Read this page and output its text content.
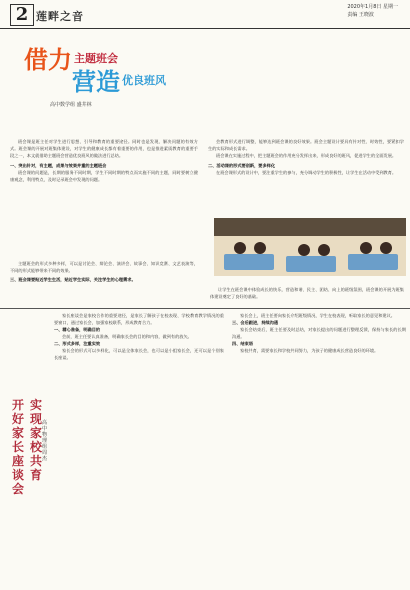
2 莲畔之音
2020年1月8日 星期一
责编 王晓波
借力 主题班会
营造 优良班风
高中数学组 盛井林

班会课是班主任对学生进行思想、引导和教育的重要途径。同时也是发现、解决问题的有效方式。班会课的开展对班集体建设，对学生的健康成长都有着重要的作用，也是推进素质教育的重要手段之一，本文就借助主题班会营造优良班风的做法进行总结。

一、突出针对，有主题，成果与效果并重的主题班会

班会课的问题是，长期的服务不同时期，学生不同时期的特点而实施不同的主题，同时要树立健康观念，利用特点，及时记录班会中发现的问题。

会教育形式进行调整，能够达到班会课的良好效果。班会主题设计要具有针对性、时效性，要紧扣学生的实际和成长需求。

班会课在实施过程中，把主题班会的作用充分发挥出来，形成良好的班风，促进学生的全面发展。

二、活动课的形式要创新，要多样化

在班会课形式的设计中，要注重学生的参与，充分调动学生的积极性，让学生在活动中受到教育。

主题班会的形式多种多样，可以是讨论会、辩论会、演讲会、故事会、知识竞赛、文艺表演等，不同的形式能够带来不同的效果。

三、班会课要贴近学生生活，贴近学生实际，关注学生的心理需求。

让学生在班会课中体验成长的快乐，营造和谐、民主、团结、向上的班级氛围，班会课的开展为班集体建设奠定了良好的基础。

开
好
家
长
座
谈
会
实
现
家
校
共
育
高中物理组 周杰

家长座谈会是家校合作的重要途径，是家长了解孩子在校表现、学校教育教学情况的重要窗口，通过家长会，加强家校联系，形成教育合力。

一、精心准备，明确目的

会前，班主任要认真准备，明确家长会的目的和内容，做到有的放矢。

二、形式多样，注重实效

家长会的形式可以多样化，可以是全体家长会，也可以是小组家长会，还可以是个别家长座谈。

家长会上，班主任要向家长介绍班级情况、学生在校表现，听取家长的意见和建议。

三、会后跟进，持续沟通

家长会结束后，班主任要及时总结，对家长提出的问题进行整理反馈，保持与家长的长期沟通。

四、结束语

家校共育，需要家长和学校共同努力，为孩子的健康成长营造良好的环境。
